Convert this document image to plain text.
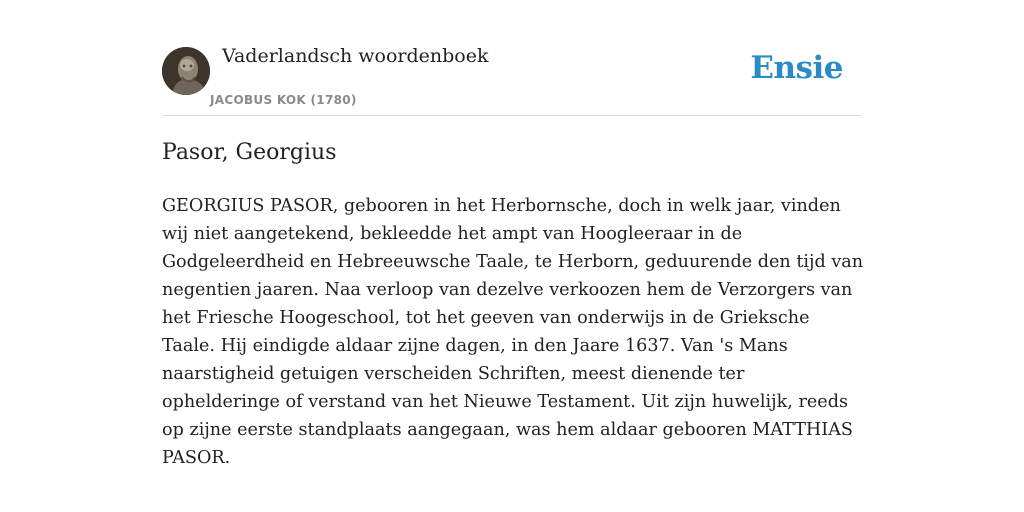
Vaderlandsch woordenboek
JACOBUS KOK (1780)
Ensie
Pasor, Georgius

GEORGIUS PASOR, gebooren in het Herbornsche, doch in welk jaar, vinden wij niet aangetekend, bekleedde het ampt van Hoogleeraar in de Godgeleerdheid en Hebreeuwsche Taale, te Herborn, geduurende den tijd van negentien jaaren. Naa verloop van dezelve verkoozen hem de Verzorgers van het Friesche Hoogeschool, tot het geeven van onderwijs in de Grieksche Taale. Hij eindigde aldaar zijne dagen, in den Jaare 1637. Van 's Mans naarstigheid getuigen verscheiden Schriften, meest dienende ter ophelderinge of verstand van het Nieuwe Testament. Uit zijn huwelijk, reeds op zijne eerste standplaats aangegaan, was hem aldaar gebooren MATTHIAS PASOR.
